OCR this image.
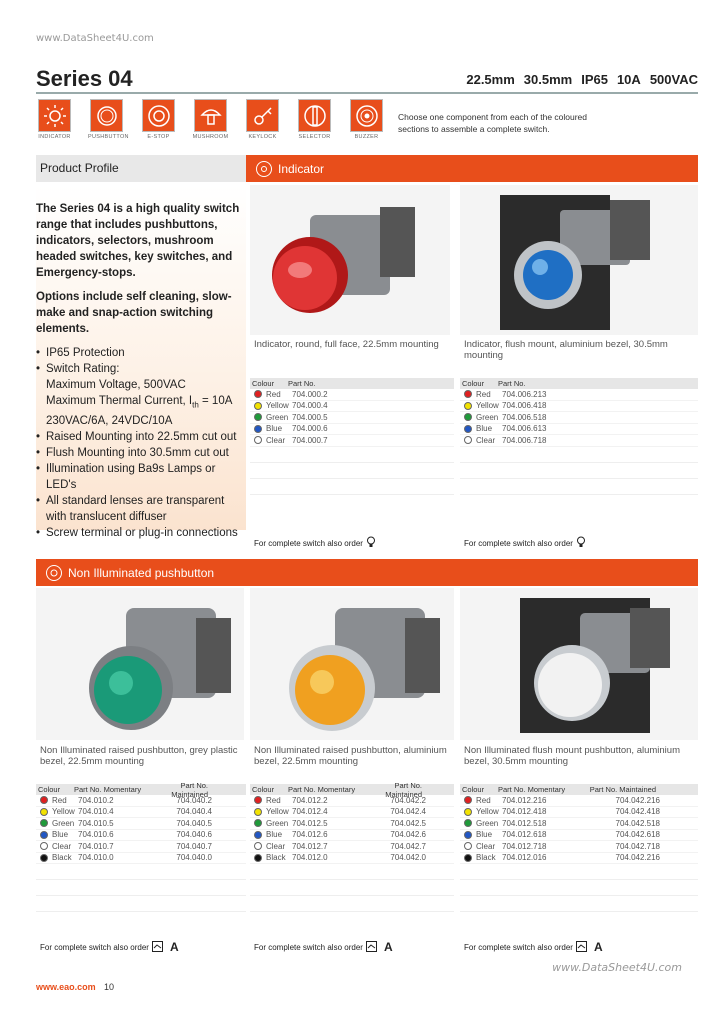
www.DataSheet4U.com
Series 04	22.5mm 30.5mm IP65 10A 500VAC
INDICATOR	PUSHBUTTON	E-STOP	MUSHROOM	KEYLOCK	SELECTOR	BUZZER
Choose one component from each of the coloured sections to assemble a complete switch.
Product Profile

The Series 04 is a high quality switch range that includes pushbuttons, indicators, selectors, mushroom headed switches, key switches, and Emergency-stops.

Options include self cleaning, slow-make and snap-action switching elements.

• IP65 Protection
• Switch Rating:
Maximum Voltage, 500VAC
Maximum Thermal Current, $I_{th} = 10A$
230VAC/6A, 24VDC/10A
• Raised Mounting into 22.5mm cut out
• Flush Mounting into 30.5mm cut out
• Illumination using Ba9s Lamps or LED's
• All standard lenses are transparent with translucent diffuser
• Screw terminal or plug-in connections
Indicator
Indicator, round, full face, 22.5mm mounting
Colour	Part No.
Red	704.000.2
Yellow 704.000.4
Green 704.000.5
Blue	704.000.6
Clear 704.000.7
For complete switch also order
Indicator, flush mount, aluminium bezel, 30.5mm mounting
Colour	Part No.
Red	704.006.213
Yellow 704.006.418
Green 704.006.518
Blue	704.006.613
Clear 704.006.718
For complete switch also order
Non Illuminated pushbutton
Non Illuminated raised pushbutton, grey plastic bezel, 22.5mm mounting
Non Illuminated raised pushbutton, aluminium bezel, 22.5mm mounting
Non Illuminated flush mount pushbutton, aluminium bezel, 30.5mm mounting
Colour	Part No. Momentary	Part No. Maintained
Red	704.010.2	704.040.2
Yellow 704.010.4	704.040.4
Green 704.010.5	704.040.5
Blue	704.010.6	704.040.6
Clear 704.010.7	704.040.7
Black 704.010.0	704.040.0
Colour	Part No. Momentary	Part No. Maintained
Red	704.012.2	704.042.2
Yellow 704.012.4	704.042.4
Green 704.012.5	704.042.5
Blue	704.012.6	704.042.6
Clear 704.012.7	704.042.7
Black 704.012.0	704.042.0
Colour	Part No. Momentary	Part No. Maintained
Red	704.012.216	704.042.216
Yellow 704.012.418	704.042.418
Green 704.012.518	704.042.518
Blue	704.012.618	704.042.618
Clear 704.012.718	704.042.718
Black 704.012.016	704.042.216
For complete switch also order A	For complete switch also order A	For complete switch also order A
www.DataSheet4U.com
www.eao.com 10
